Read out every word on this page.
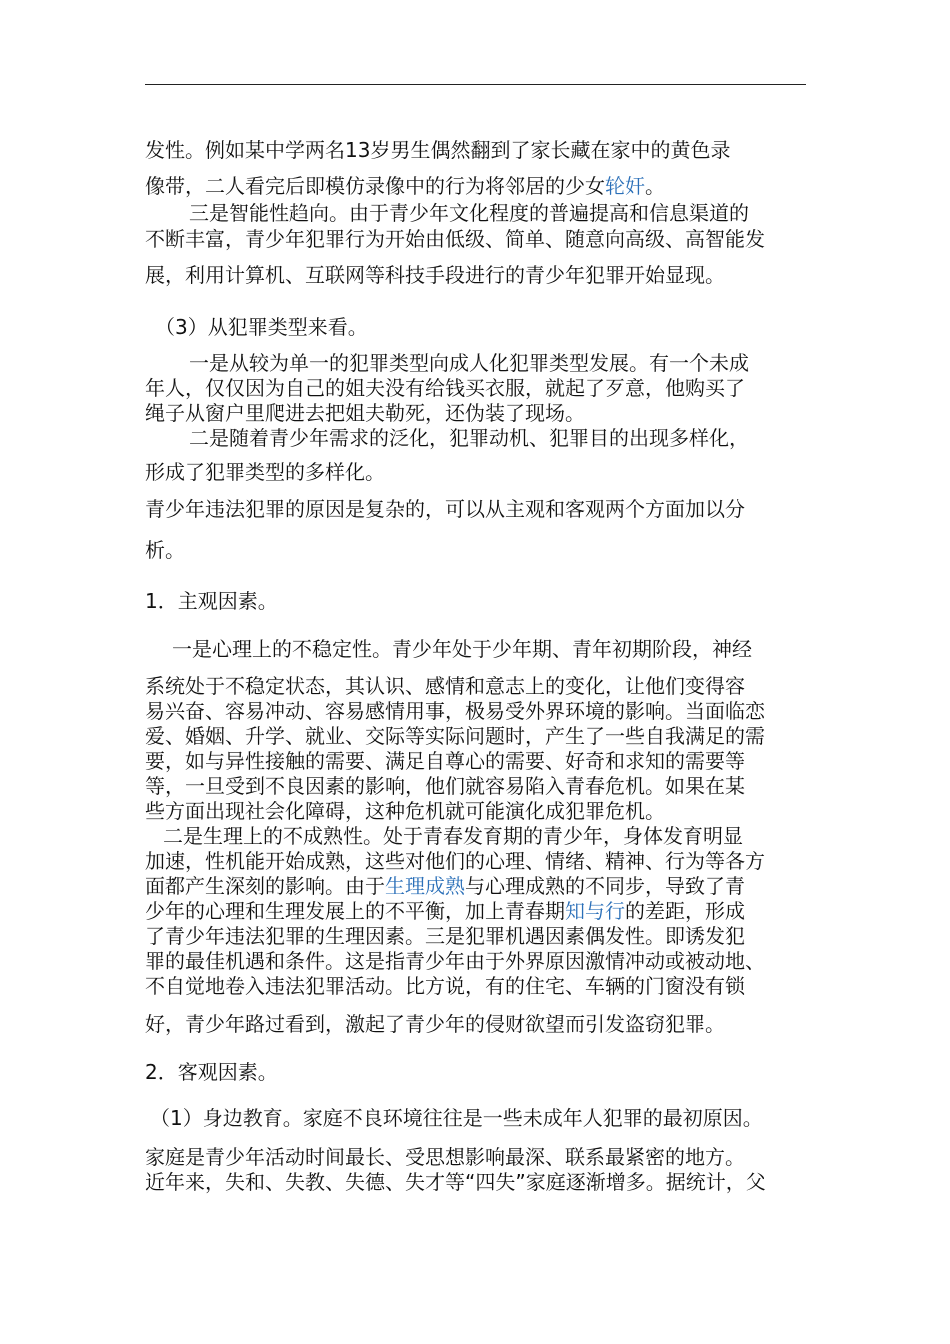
发性。例如某中学两名13岁男生偶然翻到了家长藏在家中的黄色录
像带，二人看完后即模仿录像中的行为将邻居的少女轮奸。
三是智能性趋向。由于青少年文化程度的普遍提高和信息渠道的
不断丰富，青少年犯罪行为开始由低级、简单、随意向高级、高智能发
展，利用计算机、互联网等科技手段进行的青少年犯罪开始显现。
（3）从犯罪类型来看。
一是从较为单一的犯罪类型向成人化犯罪类型发展。有一个未成
年人，仅仅因为自己的姐夫没有给钱买衣服，就起了歹意，他购买了
绳子从窗户里爬进去把姐夫勒死，还伪装了现场。
二是随着青少年需求的泛化，犯罪动机、犯罪目的出现多样化，
形成了犯罪类型的多样化。
青少年违法犯罪的原因是复杂的，可以从主观和客观两个方面加以分
析。
1．主观因素。
一是心理上的不稳定性。青少年处于少年期、青年初期阶段，神经
系统处于不稳定状态，其认识、感情和意志上的变化，让他们变得容
易兴奋、容易冲动、容易感情用事，极易受外界环境的影响。当面临恋
爱、婚姻、升学、就业、交际等实际问题时，产生了一些自我满足的需
要，如与异性接触的需要、满足自尊心的需要、好奇和求知的需要等
等，一旦受到不良因素的影响，他们就容易陷入青春危机。如果在某
些方面出现社会化障碍，这种危机就可能演化成犯罪危机。
二是生理上的不成熟性。处于青春发育期的青少年，身体发育明显
加速，性机能开始成熟，这些对他们的心理、情绪、精神、行为等各方
面都产生深刻的影响。由于生理成熟与心理成熟的不同步，导致了青
少年的心理和生理发展上的不平衡，加上青春期知与行的差距，形成
了青少年违法犯罪的生理因素。三是犯罪机遇因素偶发性。即诱发犯
罪的最佳机遇和条件。这是指青少年由于外界原因激情冲动或被动地、
不自觉地卷入违法犯罪活动。比方说，有的住宅、车辆的门窗没有锁
好，青少年路过看到，激起了青少年的侵财欲望而引发盗窃犯罪。
2．客观因素。
（1）身边教育。家庭不良环境往往是一些未成年人犯罪的最初原因。
家庭是青少年活动时间最长、受思想影响最深、联系最紧密的地方。
近年来，失和、失教、失德、失才等“四失”家庭逐渐增多。据统计，父
